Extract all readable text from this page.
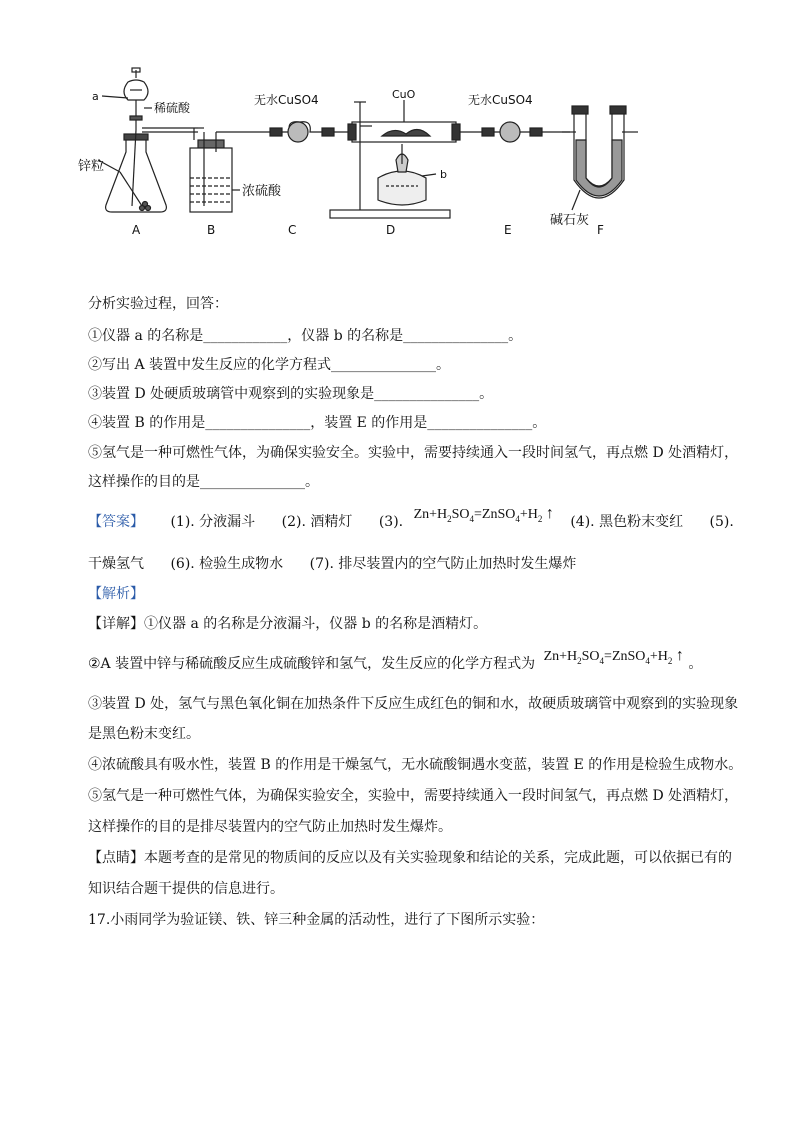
a
稀硫酸
锌粒
浓硫酸
无水CuSO4	CuO
b
无水CuSO4
碱石灰
A	B	C	D	E	F
分析实验过程，回答：
①仪器 a 的名称是____________，仪器 b 的名称是_______________。
②写出 A 装置中发生反应的化学方程式_______________。
③装置 D 处硬质玻璃管中观察到的实验现象是_______________。
④装置 B 的作用是_______________，装置 E 的作用是_______________。
⑤氢气是一种可燃性气体，为确保实验安全。实验中，需要持续通入一段时间氢气，再点燃 D 处酒精灯，
这样操作的目的是_______________。
【答案】 (1). 分液漏斗 (2). 酒精灯 (3). $Zn+H_2SO_4=ZnSO_4+H_2$ ↑ (4). 黑色粉末变红 (5).
干燥氢气 (6). 检验生成物水 (7). 排尽装置内的空气防止加热时发生爆炸
【解析】
【详解】①仪器 a 的名称是分液漏斗，仪器 b 的名称是酒精灯。
②A 装置中锌与稀硫酸反应生成硫酸锌和氢气，发生反应的化学方程式为 $Zn+H_2SO_4=ZnSO_4+H_2$ ↑ 。
③装置 D 处，氢气与黑色氧化铜在加热条件下反应生成红色的铜和水，故硬质玻璃管中观察到的实验现象
是黑色粉末变红。
④浓硫酸具有吸水性，装置 B 的作用是干燥氢气，无水硫酸铜遇水变蓝，装置 E 的作用是检验生成物水。
⑤氢气是一种可燃性气体，为确保实验安全，实验中，需要持续通入一段时间氢气，再点燃 D 处酒精灯，
这样操作的目的是排尽装置内的空气防止加热时发生爆炸。
【点睛】本题考查的是常见的物质间的反应以及有关实验现象和结论的关系，完成此题，可以依据已有的
知识结合题干提供的信息进行。
17.小雨同学为验证镁、铁、锌三种金属的活动性，进行了下图所示实验：
